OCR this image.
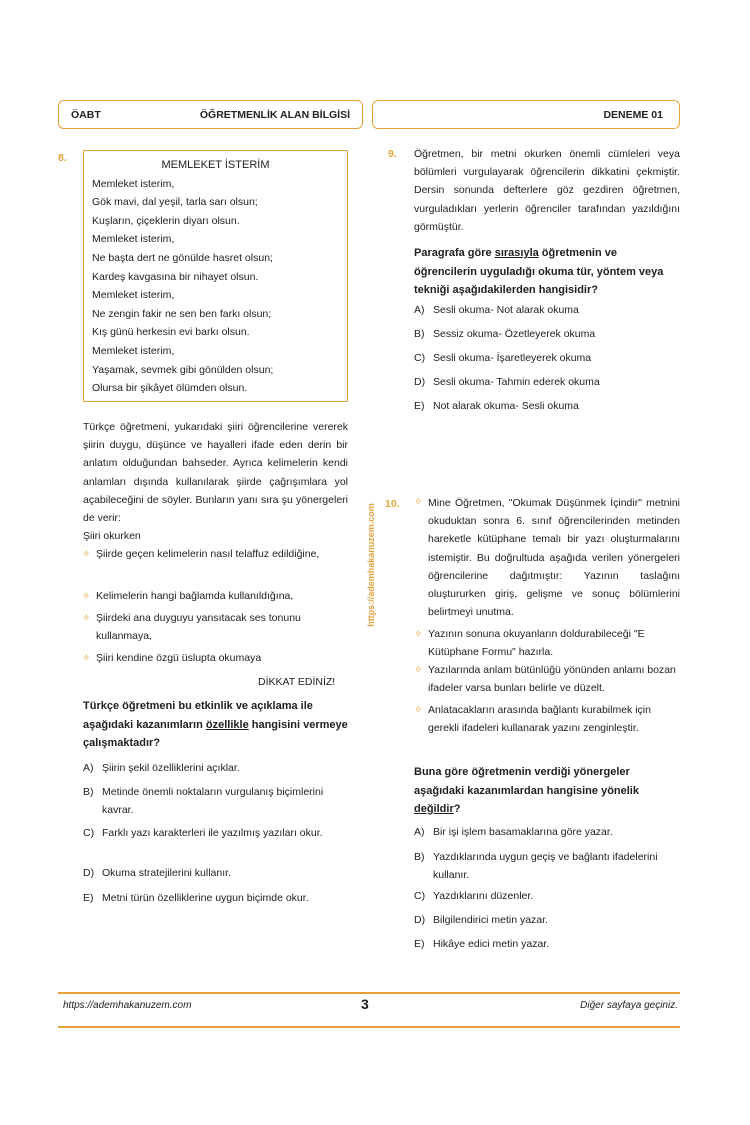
ÖABT	ÖĞRETMENLİK ALAN BİLGİSİ	DENEME 01
8.
MEMLEKET İSTERİM
Memleket isterim,
Gök mavi, dal yeşil, tarla sarı olsun;
Kuşların, çiçeklerin diyarı olsun.
Memleket isterim,
Ne başta dert ne gönülde hasret olsun;
Kardeş kavgasına bir nihayet olsun.
Memleket isterim,
Ne zengin fakir ne sen ben farkı olsun;
Kış günü herkesin evi barkı olsun.
Memleket isterim,
Yaşamak, sevmek gibi gönülden olsun;
Olursa bir şikâyet ölümden olsun.
Türkçe öğretmeni, yukarıdaki şiiri öğrencilerine vererek şiirin duygu, düşünce ve hayalleri ifade eden derin bir anlatım olduğundan bahseder. Ayrıca kelimelerin kendi anlamları dışında kullanılarak şiirde çağrışımlara yol açabileceğini de söyler. Bunların yanı sıra şu yönergeleri de verir:
Şiiri okurken
✧ Şiirde geçen kelimelerin nasıl telaffuz edildiğine,
✧ Kelimelerin hangi bağlamda kullanıldığına,
✧ Şiirdeki ana duyguyu yansıtacak ses tonunu kullanmaya,
✧ Şiiri kendine özgü üslupta okumaya
DİKKAT EDİNİZ!
Türkçe öğretmeni bu etkinlik ve açıklama ile aşağıdaki kazanımların özellikle hangisini vermeye çalışmaktadır?
A) Şiirin şekil özelliklerini açıklar.
B) Metinde önemli noktaların vurgulanış biçimlerini kavrar.
C) Farklı yazı karakterleri ile yazılmış yazıları okur.
D) Okuma stratejilerini kullanır.
E) Metni türün özelliklerine uygun biçimde okur.
https://ademhakanuzem.com
9. Öğretmen, bir metni okurken önemli cümleleri veya bölümleri vurgulayarak öğrencilerin dikkatini çekmiştir. Dersin sonunda defterlere göz gezdiren öğretmen, vurguladıkları yerlerin öğrenciler tarafından yazıldığını görmüştür.
Paragrafa göre sırasıyla öğretmenin ve öğrencilerin uyguladığı okuma tür, yöntem veya tekniği aşağıdakilerden hangisidir?
A) Sesli okuma- Not alarak okuma
B) Sessiz okuma- Özetleyerek okuma
C) Sesli okuma- İşaretleyerek okuma
D) Sesli okuma- Tahmin ederek okuma
E) Not alarak okuma- Sesli okuma
10. ✧ Mine Öğretmen, "Okumak Düşünmek İçindir" metnini okuduktan sonra 6. sınıf öğrencilerinden metinden hareketle kütüphane temalı bir yazı oluşturmalarını istemiştir. Bu doğrultuda aşağıda verilen yönergeleri öğrencilerine dağıtmıştır: Yazının taslağını oluştururken giriş, gelişme ve sonuç bölümlerini belirtmeyi unutma.
✧ Yazının sonuna okuyanların doldurabileceği "E Kütüphane Formu" hazırla.
✧ Yazılarında anlam bütünlüğü yönünden anlamı bozan ifadeler varsa bunları belirle ve düzelt.
✧ Anlatacakların arasında bağlantı kurabilmek için gerekli ifadeleri kullanarak yazını zenginleştir.
Buna göre öğretmenin verdiği yönergeler aşağıdaki kazanımlardan hangisine yönelik değildir?
A) Bir işi işlem basamaklarına göre yazar.
B) Yazdıklarında uygun geçiş ve bağlantı ifadelerini kullanır.
C) Yazdıklarını düzenler.
D) Bilgilendirici metin yazar.
E) Hikâye edici metin yazar.
https://ademhakanuzem.com	3	Diğer sayfaya geçiniz.
